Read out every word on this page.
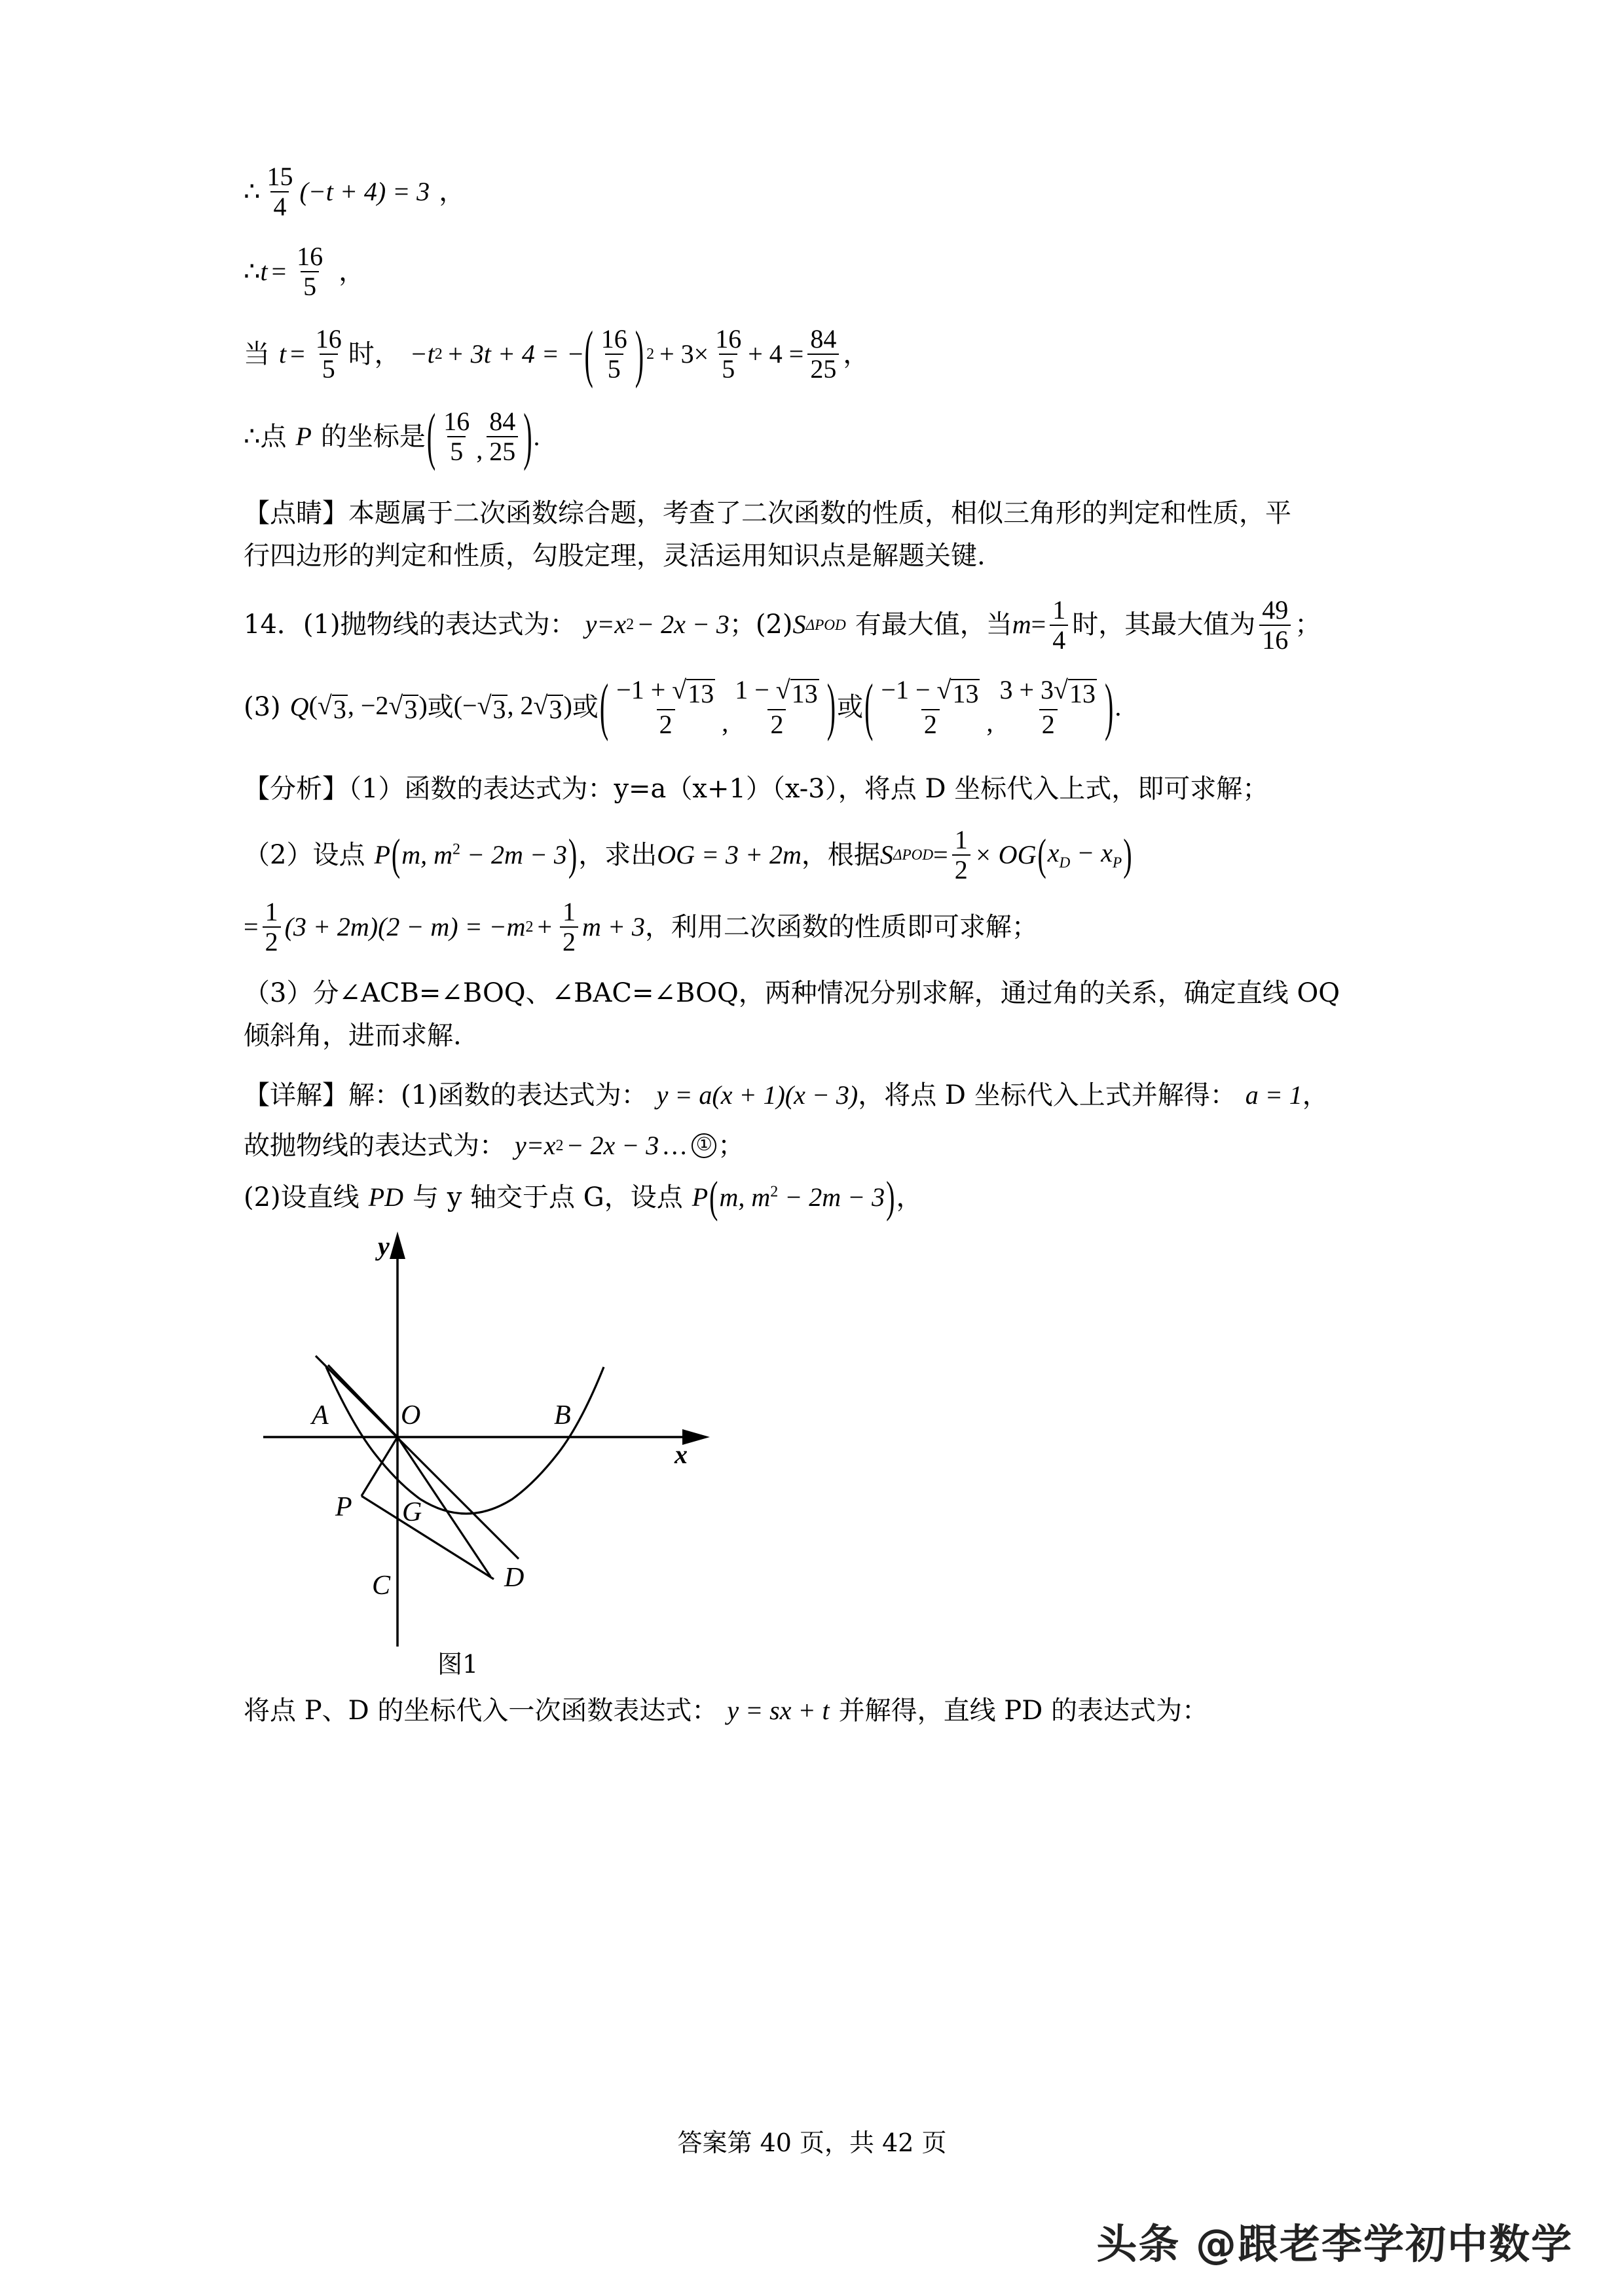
∴ $\frac{15}{4} (-t + 4) = 3$ ，
∴ $t = \frac{16}{5}$ ，
当 $t = \frac{16}{5}$ 时， −t 2 + 3t + 4 = − ( $\frac{16}{5}$ ) $2 + 3\times \frac{16}{5} + 4 = \frac{84}{25}$ ，
∴ 点 P 的坐标是 ( $\frac{16}{5}$ , $\frac{84}{25}$ ) .
【点睛】本题属于二次函数综合题，考查了二次函数的性质，相似三角形的判定和性质，平
行四边形的判定和性质，勾股定理，灵活运用知识点是解题关键.
14． (1)抛物线的表达式为： y=x 2 − 2x − 3 ； (2) S ΔPOD 有最大值，当 $m = \frac{1}{4}$ 时，其最大值为 $\frac{49}{16}$ ；
(3) Q ( √ 3 , −2 √ 3 ) 或 (− √ 3 , 2 √ 3 ) 或 ( $\frac{-1 + √ 13}{2}$ , $\frac{1 - √ 13}{2}$ ) 或 ( $\frac{-1 - √ 13}{2}$ , $\frac{3 + 3 √ 13}{2}$ ) .
【分析】（1）函数的表达式为：y=a（x+1）（x-3），将点 D 坐标代入上式，即可求解；
（2）设点 P ( m, $m^2 - 2m - 3$ ) ，求出 OG = 3 + 2m ，根据 S $\Delta POD = \frac{1}{2}$ × OG ( $x_D - x_P$ )
= $\frac{1}{2} (3 + 2m)(2 - m) = -m$ $2 + \frac{1}{2}$ m + 3 ，利用二次函数的性质即可求解；
（3）分∠ACB=∠BOQ、∠BAC=∠BOQ，两种情况分别求解，通过角的关系，确定直线 OQ
倾斜角，进而求解.
【详解】 解：(1)函数的表达式为： y = a(x + 1)(x − 3) ，将点 D 坐标代入上式并解得： a = 1 ，
故抛物线的表达式为： y=x 2 − 2x − 3 … ① ；
(2)设直线 PD 与 y 轴交于点 G，设点 P ( m, $m^2 - 2m - 3$ ) ，
A	O	B
C	D
P G
y
x
图1
将点 P、D 的坐标代入一次函数表达式： y = sx + t 并解得，直线 PD 的表达式为：
答案第 40 页，共 42 页
头条 @跟老李学初中数学
